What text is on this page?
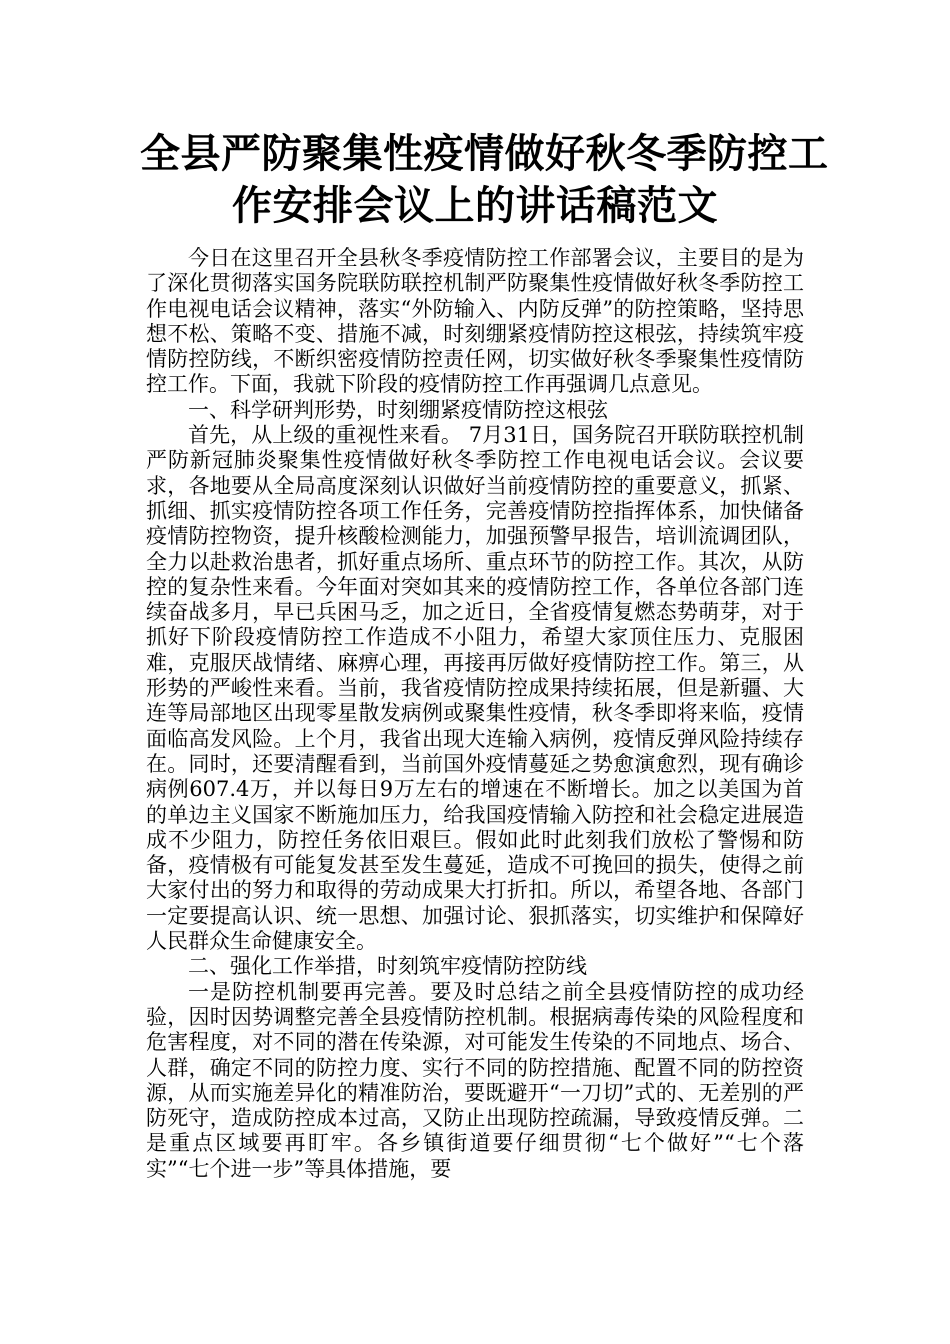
全县严防聚集性疫情做好秋冬季防控工
作安排会议上的讲话稿范文

今日在这里召开全县秋冬季疫情防控工作部署会议，主要目的是为了深化贯彻落实国务院联防联控机制严防聚集性疫情做好秋冬季防控工作电视电话会议精神，落实“外防输入、内防反弹”的防控策略，坚持思想不松、策略不变、措施不减，时刻绷紧疫情防控这根弦，持续筑牢疫情防控防线，不断织密疫情防控责任网，切实做好秋冬季聚集性疫情防控工作。下面，我就下阶段的疫情防控工作再强调几点意见。

一、科学研判形势，时刻绷紧疫情防控这根弦

首先，从上级的重视性来看。 7月31日，国务院召开联防联控机制严防新冠肺炎聚集性疫情做好秋冬季防控工作电视电话会议。会议要求，各地要从全局高度深刻认识做好当前疫情防控的重要意义，抓紧、抓细、抓实疫情防控各项工作任务，完善疫情防控指挥体系，加快储备疫情防控物资，提升核酸检测能力，加强预警早报告，培训流调团队，全力以赴救治患者，抓好重点场所、重点环节的防控工作。其次，从防控的复杂性来看。今年面对突如其来的疫情防控工作，各单位各部门连续奋战多月，早已兵困马乏，加之近日，全省疫情复燃态势萌芽，对于抓好下阶段疫情防控工作造成不小阻力，希望大家顶住压力、克服困难，克服厌战情绪、麻痹心理，再接再厉做好疫情防控工作。第三，从形势的严峻性来看。当前，我省疫情防控成果持续拓展，但是新疆、大连等局部地区出现零星散发病例或聚集性疫情，秋冬季即将来临，疫情面临高发风险。上个月，我省出现大连输入病例，疫情反弹风险持续存在。同时，还要清醒看到，当前国外疫情蔓延之势愈演愈烈，现有确诊病例607.4万，并以每日9万左右的增速在不断增长。加之以美国为首的单边主义国家不断施加压力，给我国疫情输入防控和社会稳定进展造成不少阻力，防控任务依旧艰巨。假如此时此刻我们放松了警惕和防备，疫情极有可能复发甚至发生蔓延，造成不可挽回的损失，使得之前大家付出的努力和取得的劳动成果大打折扣。所以，希望各地、各部门一定要提高认识、统一思想、加强讨论、狠抓落实，切实维护和保障好人民群众生命健康安全。

二、强化工作举措，时刻筑牢疫情防控防线

一是防控机制要再完善。要及时总结之前全县疫情防控的成功经验，因时因势调整完善全县疫情防控机制。根据病毒传染的风险程度和危害程度，对不同的潜在传染源，对可能发生传染的不同地点、场合、人群，确定不同的防控力度、实行不同的防控措施、配置不同的防控资源，从而实施差异化的精准防治，要既避开“一刀切”式的、无差别的严防死守，造成防控成本过高，又防止出现防控疏漏，导致疫情反弹。二是重点区域要再盯牢。各乡镇街道要仔细贯彻“七个做好”“七个落实”“七个进一步”等具体措施，要
